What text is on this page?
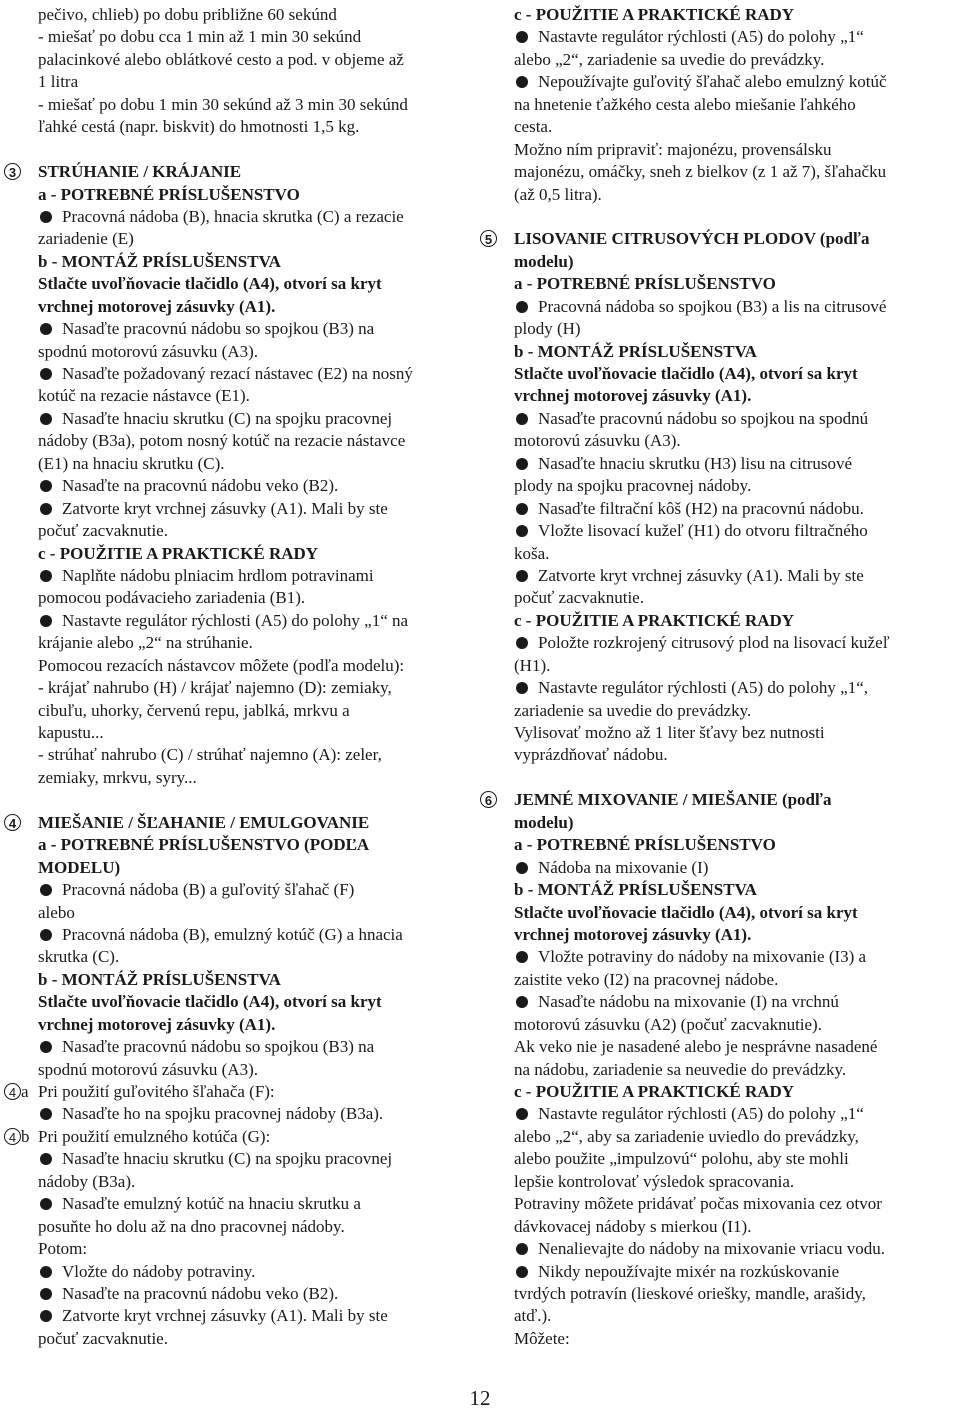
pečivo, chlieb) po dobu približne 60 sekúnd
- miešať po dobu cca 1 min až 1 min 30 sekúnd
palacinkové alebo oblátkové cesto a pod. v objeme až
1 litra
- miešať po dobu 1 min 30 sekúnd až 3 min 30 sekúnd
ľahké cestá (napr. biskvit) do hmotnosti 1,5 kg.
3 STRÚHANIE / KRÁJANIE
a - POTREBNÉ PRÍSLUŠENSTVO
Pracovná nádoba (B), hnacia skrutka (C) a rezacie
zariadenie (E)
b - MONTÁŽ PRÍSLUŠENSTVA
Stlačte uvoľňovacie tlačidlo (A4), otvorí sa kryt
vrchnej motorovej zásuvky (A1).
Nasaďte pracovnú nádobu so spojkou (B3) na
spodnú motorovú zásuvku (A3).
Nasaďte požadovaný rezací nástavec (E2) na nosný
kotúč na rezacie nástavce (E1).
Nasaďte hnaciu skrutku (C) na spojku pracovnej
nádoby (B3a), potom nosný kotúč na rezacie nástavce
(E1) na hnaciu skrutku (C).
Nasaďte na pracovnú nádobu veko (B2).
Zatvorte kryt vrchnej zásuvky (A1). Mali by ste
počuť zacvaknutie.
c - POUŽITIE A PRAKTICKÉ RADY
Naplňte nádobu plniacim hrdlom potravinami
pomocou podávacieho zariadenia (B1).
Nastavte regulátor rýchlosti (A5) do polohy „1“ na
krájanie alebo „2“ na strúhanie.
Pomocou rezacích nástavcov môžete (podľa modelu):
- krájať nahrubo (H) / krájať najemno (D): zemiaky,
cibuľu, uhorky, červenú repu, jablká, mrkvu a
kapustu...
- strúhať nahrubo (C) / strúhať najemno (A): zeler,
zemiaky, mrkvu, syry...
4 MIEŠANIE / ŠĽAHANIE / EMULGOVANIE
a - POTREBNÉ PRÍSLUŠENSTVO (PODĽA
MODELU)
Pracovná nádoba (B) a guľovitý šľahač (F)
alebo
Pracovná nádoba (B), emulzný kotúč (G) a hnacia
skrutka (C).
b - MONTÁŽ PRÍSLUŠENSTVA
Stlačte uvoľňovacie tlačidlo (A4), otvorí sa kryt
vrchnej motorovej zásuvky (A1).
Nasaďte pracovnú nádobu so spojkou (B3) na
spodnú motorovú zásuvku (A3).
4 a Pri použití guľovitého šľahača (F):
Nasaďte ho na spojku pracovnej nádoby (B3a).
4 b Pri použití emulzného kotúča (G):
Nasaďte hnaciu skrutku (C) na spojku pracovnej
nádoby (B3a).
Nasaďte emulzný kotúč na hnaciu skrutku a
posuňte ho dolu až na dno pracovnej nádoby.
Potom:
Vložte do nádoby potraviny.
Nasaďte na pracovnú nádobu veko (B2).
Zatvorte kryt vrchnej zásuvky (A1). Mali by ste
počuť zacvaknutie.
c - POUŽITIE A PRAKTICKÉ RADY
Nastavte regulátor rýchlosti (A5) do polohy „1“
alebo „2“, zariadenie sa uvedie do prevádzky.
Nepoužívajte guľovitý šľahač alebo emulzný kotúč
na hnetenie ťažkého cesta alebo miešanie ľahkého
cesta.
Možno ním pripraviť: majonézu, provensálsku
majonézu, omáčky, sneh z bielkov (z 1 až 7), šľahačku
(až 0,5 litra).
5 LISOVANIE CITRUSOVÝCH PLODOV (podľa
modelu)
a - POTREBNÉ PRÍSLUŠENSTVO
Pracovná nádoba so spojkou (B3) a lis na citrusové
plody (H)
b - MONTÁŽ PRÍSLUŠENSTVA
Stlačte uvoľňovacie tlačidlo (A4), otvorí sa kryt
vrchnej motorovej zásuvky (A1).
Nasaďte pracovnú nádobu so spojkou na spodnú
motorovú zásuvku (A3).
Nasaďte hnaciu skrutku (H3) lisu na citrusové
plody na spojku pracovnej nádoby.
Nasaďte filtrační kôš (H2) na pracovnú nádobu.
Vložte lisovací kužeľ (H1) do otvoru filtračného
koša.
Zatvorte kryt vrchnej zásuvky (A1). Mali by ste
počuť zacvaknutie.
c - POUŽITIE A PRAKTICKÉ RADY
Položte rozkrojený citrusový plod na lisovací kužeľ
(H1).
Nastavte regulátor rýchlosti (A5) do polohy „1“,
zariadenie sa uvedie do prevádzky.
Vylisovať možno až 1 liter šťavy bez nutnosti
vyprázdňovať nádobu.
6 JEMNÉ MIXOVANIE / MIEŠANIE (podľa
modelu)
a - POTREBNÉ PRÍSLUŠENSTVO
Nádoba na mixovanie (I)
b - MONTÁŽ PRÍSLUŠENSTVA
Stlačte uvoľňovacie tlačidlo (A4), otvorí sa kryt
vrchnej motorovej zásuvky (A1).
Vložte potraviny do nádoby na mixovanie (I3) a
zaistite veko (I2) na pracovnej nádobe.
Nasaďte nádobu na mixovanie (I) na vrchnú
motorovú zásuvku (A2) (počuť zacvaknutie).
Ak veko nie je nasadené alebo je nesprávne nasadené
na nádobu, zariadenie sa neuvedie do prevádzky.
c - POUŽITIE A PRAKTICKÉ RADY
Nastavte regulátor rýchlosti (A5) do polohy „1“
alebo „2“, aby sa zariadenie uviedlo do prevádzky,
alebo použite „impulzovú“ polohu, aby ste mohli
lepšie kontrolovať výsledok spracovania.
Potraviny môžete pridávať počas mixovania cez otvor
dávkovacej nádoby s mierkou (I1).
Nenalievajte do nádoby na mixovanie vriacu vodu.
Nikdy nepoužívajte mixér na rozkúskovanie
tvrdých potravín (lieskové oriešky, mandle, arašidy,
atď.).
Môžete:
12
